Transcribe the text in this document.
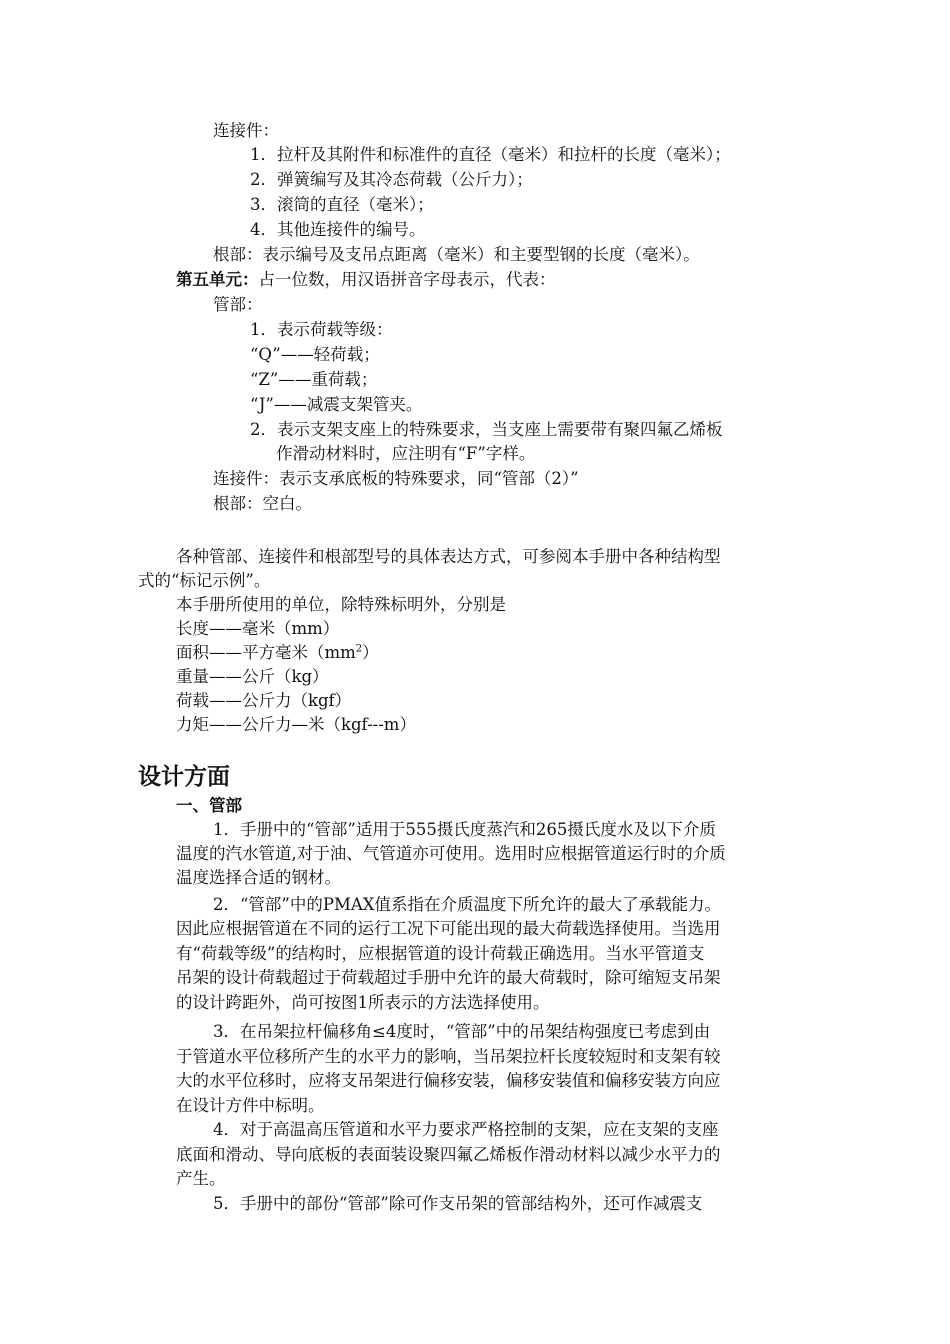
连接件：
1．拉杆及其附件和标准件的直径（毫米）和拉杆的长度（毫米）；
2．弹簧编写及其冷态荷载（公斤力）；
3．滚筒的直径（毫米）；
4．其他连接件的编号。
根部：表示编号及支吊点距离（毫米）和主要型钢的长度（毫米）。
第五单元：占一位数，用汉语拼音字母表示，代表：
管部：
1．表示荷载等级：
“Q”——轻荷载；
“Z”——重荷载；
“J”——减震支架管夹。
2．表示支架支座上的特殊要求，当支座上需要带有聚四氟乙烯板
作滑动材料时，应注明有“F”字样。
连接件：表示支承底板的特殊要求，同“管部（2）”
根部：空白。
各种管部、连接件和根部型号的具体表达方式，可参阅本手册中各种结构型
式的“标记示例”。
本手册所使用的单位，除特殊标明外，分别是
长度——毫米（mm）
面积——平方毫米$(mm^2)$
重量——公斤（kg）
荷载——公斤力（kgf）
力矩——公斤力—米（kgf---m）
设计方面
一、管部
1．手册中的“管部”适用于555摄氏度蒸汽和265摄氏度水及以下介质
温度的汽水管道,对于油、气管道亦可使用。选用时应根据管道运行时的介质
温度选择合适的钢材。
2．“管部”中的PMAX值系指在介质温度下所允许的最大了承载能力。
因此应根据管道在不同的运行工况下可能出现的最大荷载选择使用。当选用
有“荷载等级”的结构时，应根据管道的设计荷载正确选用。当水平管道支
吊架的设计荷载超过于荷载超过手册中允许的最大荷载时，除可缩短支吊架
的设计跨距外，尚可按图1所表示的方法选择使用。
3．在吊架拉杆偏移角≤4度时，“管部”中的吊架结构强度已考虑到由
于管道水平位移所产生的水平力的影响，当吊架拉杆长度较短时和支架有较
大的水平位移时，应将支吊架进行偏移安装，偏移安装值和偏移安装方向应
在设计方件中标明。
4．对于高温高压管道和水平力要求严格控制的支架，应在支架的支座
底面和滑动、导向底板的表面装设聚四氟乙烯板作滑动材料以减少水平力的
产生。
5．手册中的部份“管部”除可作支吊架的管部结构外，还可作减震支
